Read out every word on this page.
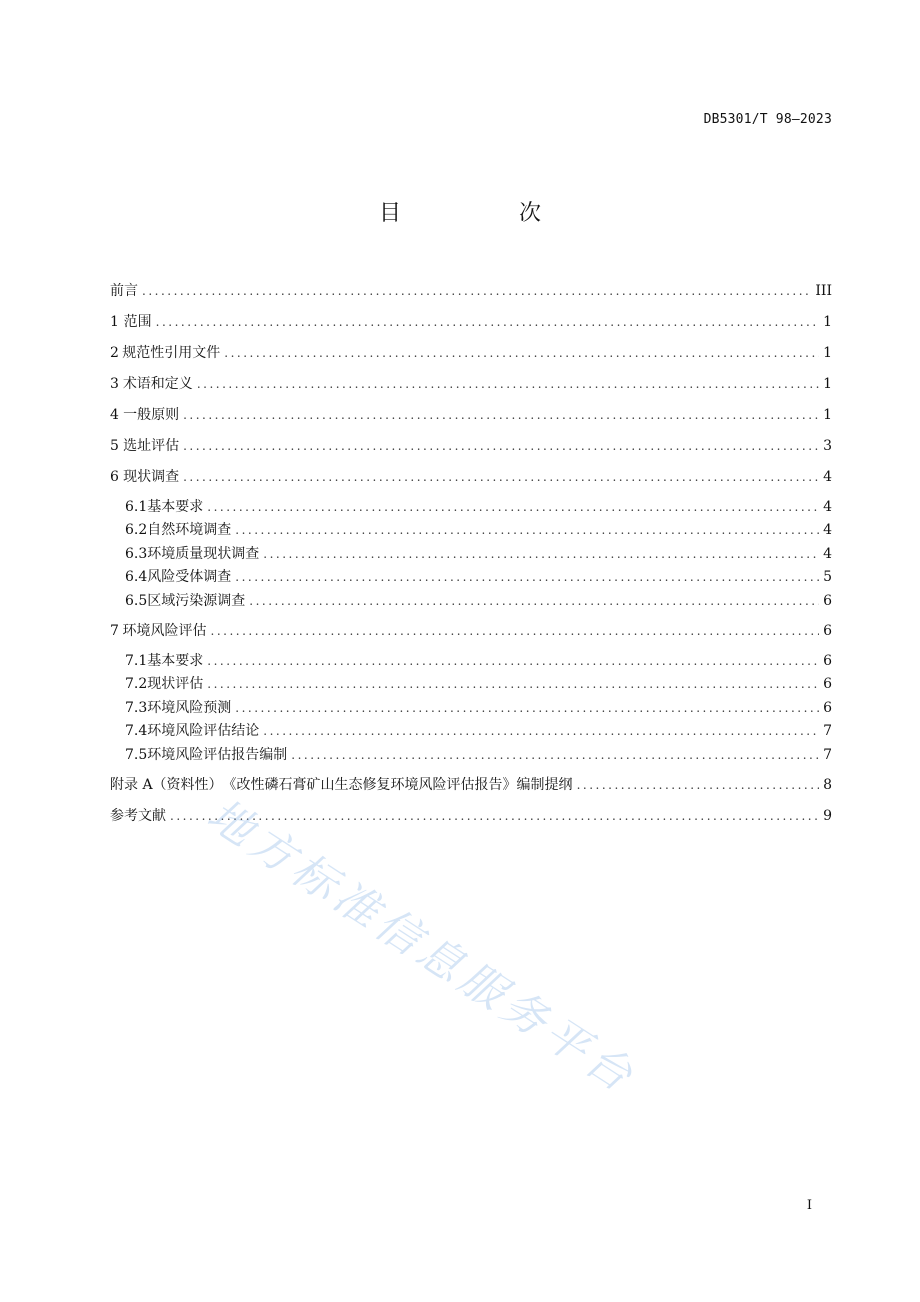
DB5301/T 98—2023
目　次
前言 .....	III
1 范围 .....	1
2 规范性引用文件 .....	1
3 术语和定义 .....	1
4 一般原则 .....	1
5 选址评估 .....	3
6 现状调查 .....	4
6.1 基本要求 .....	4
6.2 自然环境调查 .....	4
6.3 环境质量现状调查 .....	4
6.4 风险受体调查 .....	5
6.5 区域污染源调查 .....	6
7 环境风险评估 .....	6
7.1 基本要求 .....	6
7.2 现状评估 .....	6
7.3 环境风险预测 .....	6
7.4 环境风险评估结论 .....	7
7.5 环境风险评估报告编制 .....	7
附录 A（资料性）　《改性磷石膏矿山生态修复环境风险评估报告》编制提纲 .....	8
参考文献 .....	9
I
地方标准信息服务平台
